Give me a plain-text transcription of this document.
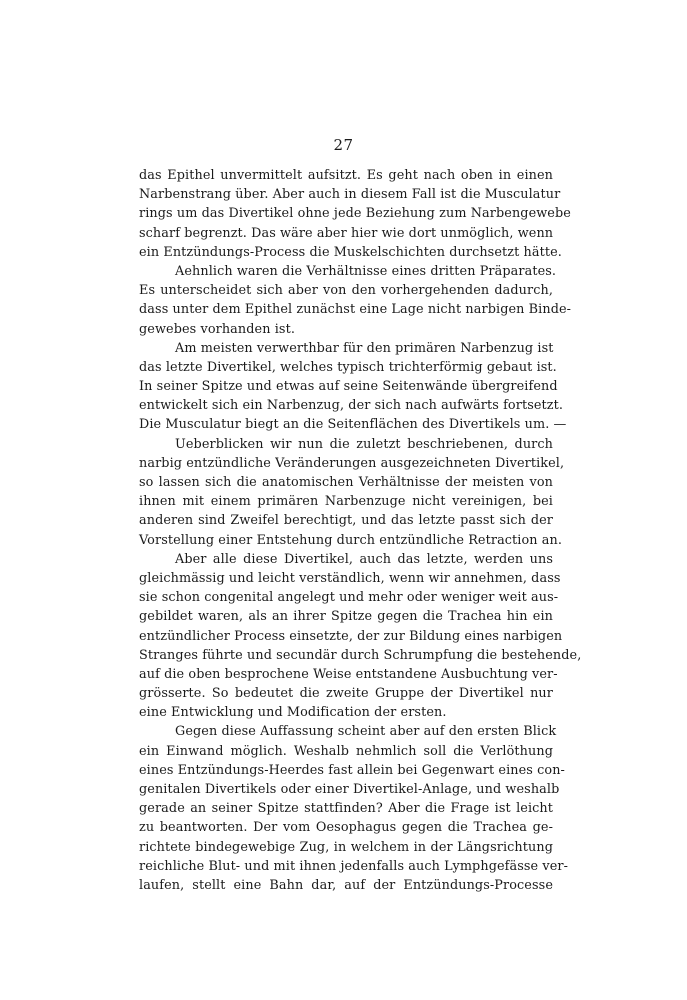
27
das Epithel unvermittelt aufsitzt. Es geht nach oben in einen
Narbenstrang über. Aber auch in diesem Fall ist die Musculatur
rings um das Divertikel ohne jede Beziehung zum Narbengewebe
scharf begrenzt. Das wäre aber hier wie dort unmöglich, wenn
ein Entzündungs-Process die Muskelschichten durchsetzt hätte.
Aehnlich waren die Verhältnisse eines dritten Präparates.
Es unterscheidet sich aber von den vorhergehenden dadurch,
dass unter dem Epithel zunächst eine Lage nicht narbigen Binde-
gewebes vorhanden ist.
Am meisten verwerthbar für den primären Narbenzug ist
das letzte Divertikel, welches typisch trichterförmig gebaut ist.
In seiner Spitze und etwas auf seine Seitenwände übergreifend
entwickelt sich ein Narbenzug, der sich nach aufwärts fortsetzt.
Die Musculatur biegt an die Seitenflächen des Divertikels um. —
Ueberblicken wir nun die zuletzt beschriebenen, durch
narbig entzündliche Veränderungen ausgezeichneten Divertikel,
so lassen sich die anatomischen Verhältnisse der meisten von
ihnen mit einem primären Narbenzuge nicht vereinigen, bei
anderen sind Zweifel berechtigt, und das letzte passt sich der
Vorstellung einer Entstehung durch entzündliche Retraction an.
Aber alle diese Divertikel, auch das letzte, werden uns
gleichmässig und leicht verständlich, wenn wir annehmen, dass
sie schon congenital angelegt und mehr oder weniger weit aus-
gebildet waren, als an ihrer Spitze gegen die Trachea hin ein
entzündlicher Process einsetzte, der zur Bildung eines narbigen
Stranges führte und secundär durch Schrumpfung die bestehende,
auf die oben besprochene Weise entstandene Ausbuchtung ver-
grösserte. So bedeutet die zweite Gruppe der Divertikel nur
eine Entwicklung und Modification der ersten.
Gegen diese Auffassung scheint aber auf den ersten Blick
ein Einwand möglich. Weshalb nehmlich soll die Verlöthung
eines Entzündungs-Heerdes fast allein bei Gegenwart eines con-
genitalen Divertikels oder einer Divertikel-Anlage, und weshalb
gerade an seiner Spitze stattfinden? Aber die Frage ist leicht
zu beantworten. Der vom Oesophagus gegen die Trachea ge-
richtete bindegewebige Zug, in welchem in der Längsrichtung
reichliche Blut- und mit ihnen jedenfalls auch Lymphgefässe ver-
laufen, stellt eine Bahn dar, auf der Entzündungs-Processe
